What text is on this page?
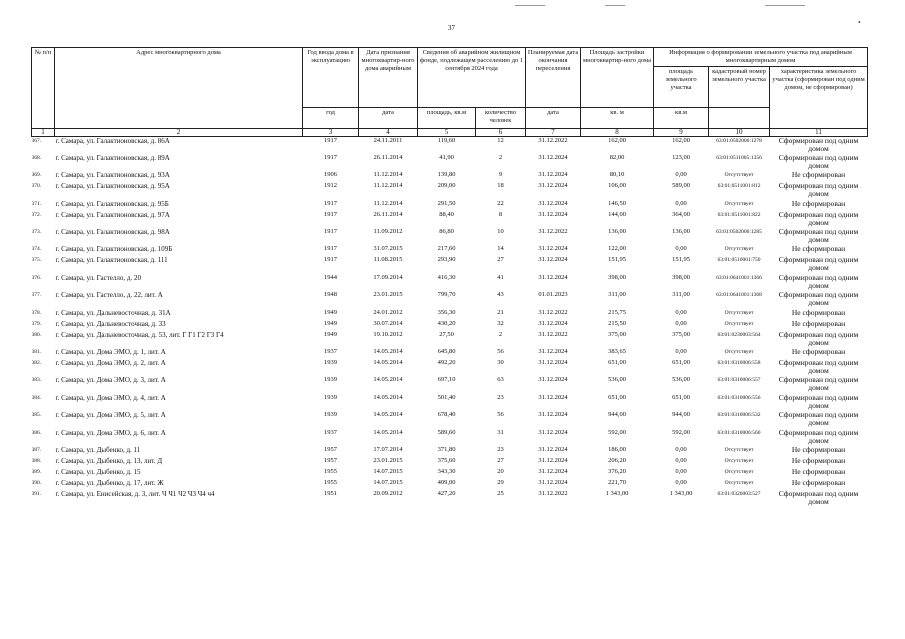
37
•
№ п/п	Адрес многоквартирного дома	Год ввода дома в эксплуатацию	Дата признания многоквартир-ного дома аварийным	Сведения об аварийном жилищном фонде, подлежащем расселению до 1 сентября 2024 года		Планируемая дата окончания переселения	Площадь застройки многоквартир-ного дома	Информация о формировании земельного участка под аварийным многоквартирным домом		
								площадь земельного участка	кадастровый номер земельного участка	характеристика земельного участка (сформирован под одним домом, не сформирован)
		год	дата	площадь, кв.м	количество человек	дата	кв. м	кв.м		
1	2	3	4	5	6	7	8	9	10	11
367.	г. Самара, ул. Галактионовская, д. 86А	1917	24.11.2011	119,60	12	31.12.2022	162,00	162,00	63:01:0502006:1278	Сформирован под одним домом
368.	г. Самара, ул. Галактионовская, д. 89А	1917	26.11.2014	41,90	2	31.12.2024	82,00	123,00	63:01:0511005:1356	Сформирован под одним домом
369.	г. Самара, ул. Галактионовская, д. 93А	1906	11.12.2014	139,80	9	31.12.2024	80,10	0,00	Отсутствует	Не сформирован
370.	г. Самара, ул. Галактионовская, д. 95А	1912	11.12.2014	209,00	18	31.12.2024	106,00	589,00	63:01:0511001:812	Сформирован под одним домом
371.	г. Самара, ул. Галактионовская, д. 95Б	1917	11.12.2014	291,50	22	31.12.2024	146,50	0,00	Отсутствует	Не сформирован
372.	г. Самара, ул. Галактионовская, д. 97А	1917	26.11.2014	88,40	8	31.12.2024	144,00	364,00	63:01:0511001:822	Сформирован под одним домом
373.	г. Самара, ул. Галактионовская, д. 98А	1917	11.09.2012	86,80	10	31.12.2022	136,00	136,00	63:01:0502006:1285	Сформирован под одним домом
374.	г. Самара, ул. Галактионовская, д. 109Б	1917	31.07.2015	217,60	14	31.12.2024	122,00	0,00	Отсутствует	Не сформирован
375.	г. Самара, ул. Галактионовская, д. 111	1917	11.08.2015	293,90	27	31.12.2024	151,95	151,95	63:01:0510001:750	Сформирован под одним домом
376.	г. Самара, ул. Гастелло, д. 20	1944	17.09.2014	416,30	41	31.12.2024	398,00	398,00	63:01:0641001:1366	Сформирован под одним домом
377.	г. Самара, ул. Гастелло, д. 22, лит. А	1948	23.01.2015	799,70	43	01.01.2023	311,00	311,00	63:01:0641001:1368	Сформирован под одним домом
378.	г. Самара, ул. Дальневосточная, д. 31А	1949	24.01.2012	356,30	21	31.12.2022	215,75	0,00	Отсутствует	Не сформирован
379.	г. Самара, ул. Дальневосточная, д. 33	1949	30.07.2014	430,20	32	31.12.2024	215,50	0,00	Отсутствует	Не сформирован
380.	г. Самара, ул. Дальневосточная, д. 53, лит. Г Г1 Г2 Г3 Г4	1949	19.10.2012	27,50	2	31.12.2022	375,00	375,00	63:01:0230003:564	Сформирован под одним домом
381.	г. Самара, ул. Дома ЭМО, д. 1, лит. А	1937	14.05.2014	645,80	56	31.12.2024	383,65	0,00	Отсутствует	Не сформирован
382.	г. Самара, ул. Дома ЭМО, д. 2, лит. А	1939	14.05.2014	492,20	30	31.12.2024	651,00	651,00	63:01:0310006:558	Сформирован под одним домом
383.	г. Самара, ул. Дома ЭМО, д. 3, лит. А	1939	14.05.2014	697,10	63	31.12.2024	536,00	536,00	63:01:0310006:557	Сформирован под одним домом
384.	г. Самара, ул. Дома ЭМО, д. 4, лит. А	1939	14.05.2014	501,40	23	31.12.2024	651,00	651,00	63:01:0310006:556	Сформирован под одним домом
385.	г. Самара, ул. Дома ЭМО, д. 5, лит. А	1939	14.05.2014	678,40	56	31.12.2024	944,00	944,00	63:01:0310006:532	Сформирован под одним домом
386.	г. Самара, ул. Дома ЭМО, д. 6, лит. А	1937	14.05.2014	589,60	31	31.12.2024	592,00	592,00	63:01:0310006:560	Сформирован под одним домом
387.	г. Самара, ул. Дыбенко, д. 11	1957	17.07.2014	371,80	23	31.12.2024	186,00	0,00	Отсутствует	Не сформирован
388.	г. Самара, ул. Дыбенко, д. 13, лит. Д	1957	23.01.2015	375,60	27	31.12.2024	206,20	0,00	Отсутствует	Не сформирован
389.	г. Самара, ул. Дыбенко, д. 15	1955	14.07.2015	343,30	20	31.12.2024	376,20	0,00	Отсутствует	Не сформирован
390.	г. Самара, ул. Дыбенко, д. 17, лит. Ж	1955	14.07.2015	409,00	29	31.12.2024	221,70	0,00	Отсутствует	Не сформирован
391.	г. Самара, ул. Енисейская, д. 3, лит. Ч Ч1 Ч2 Ч3 Ч4 ч4	1951	20.09.2012	427,20	25	31.12.2022	1 343,00	1 343,00	63:01:0326003:527	Сформирован под одним домом
